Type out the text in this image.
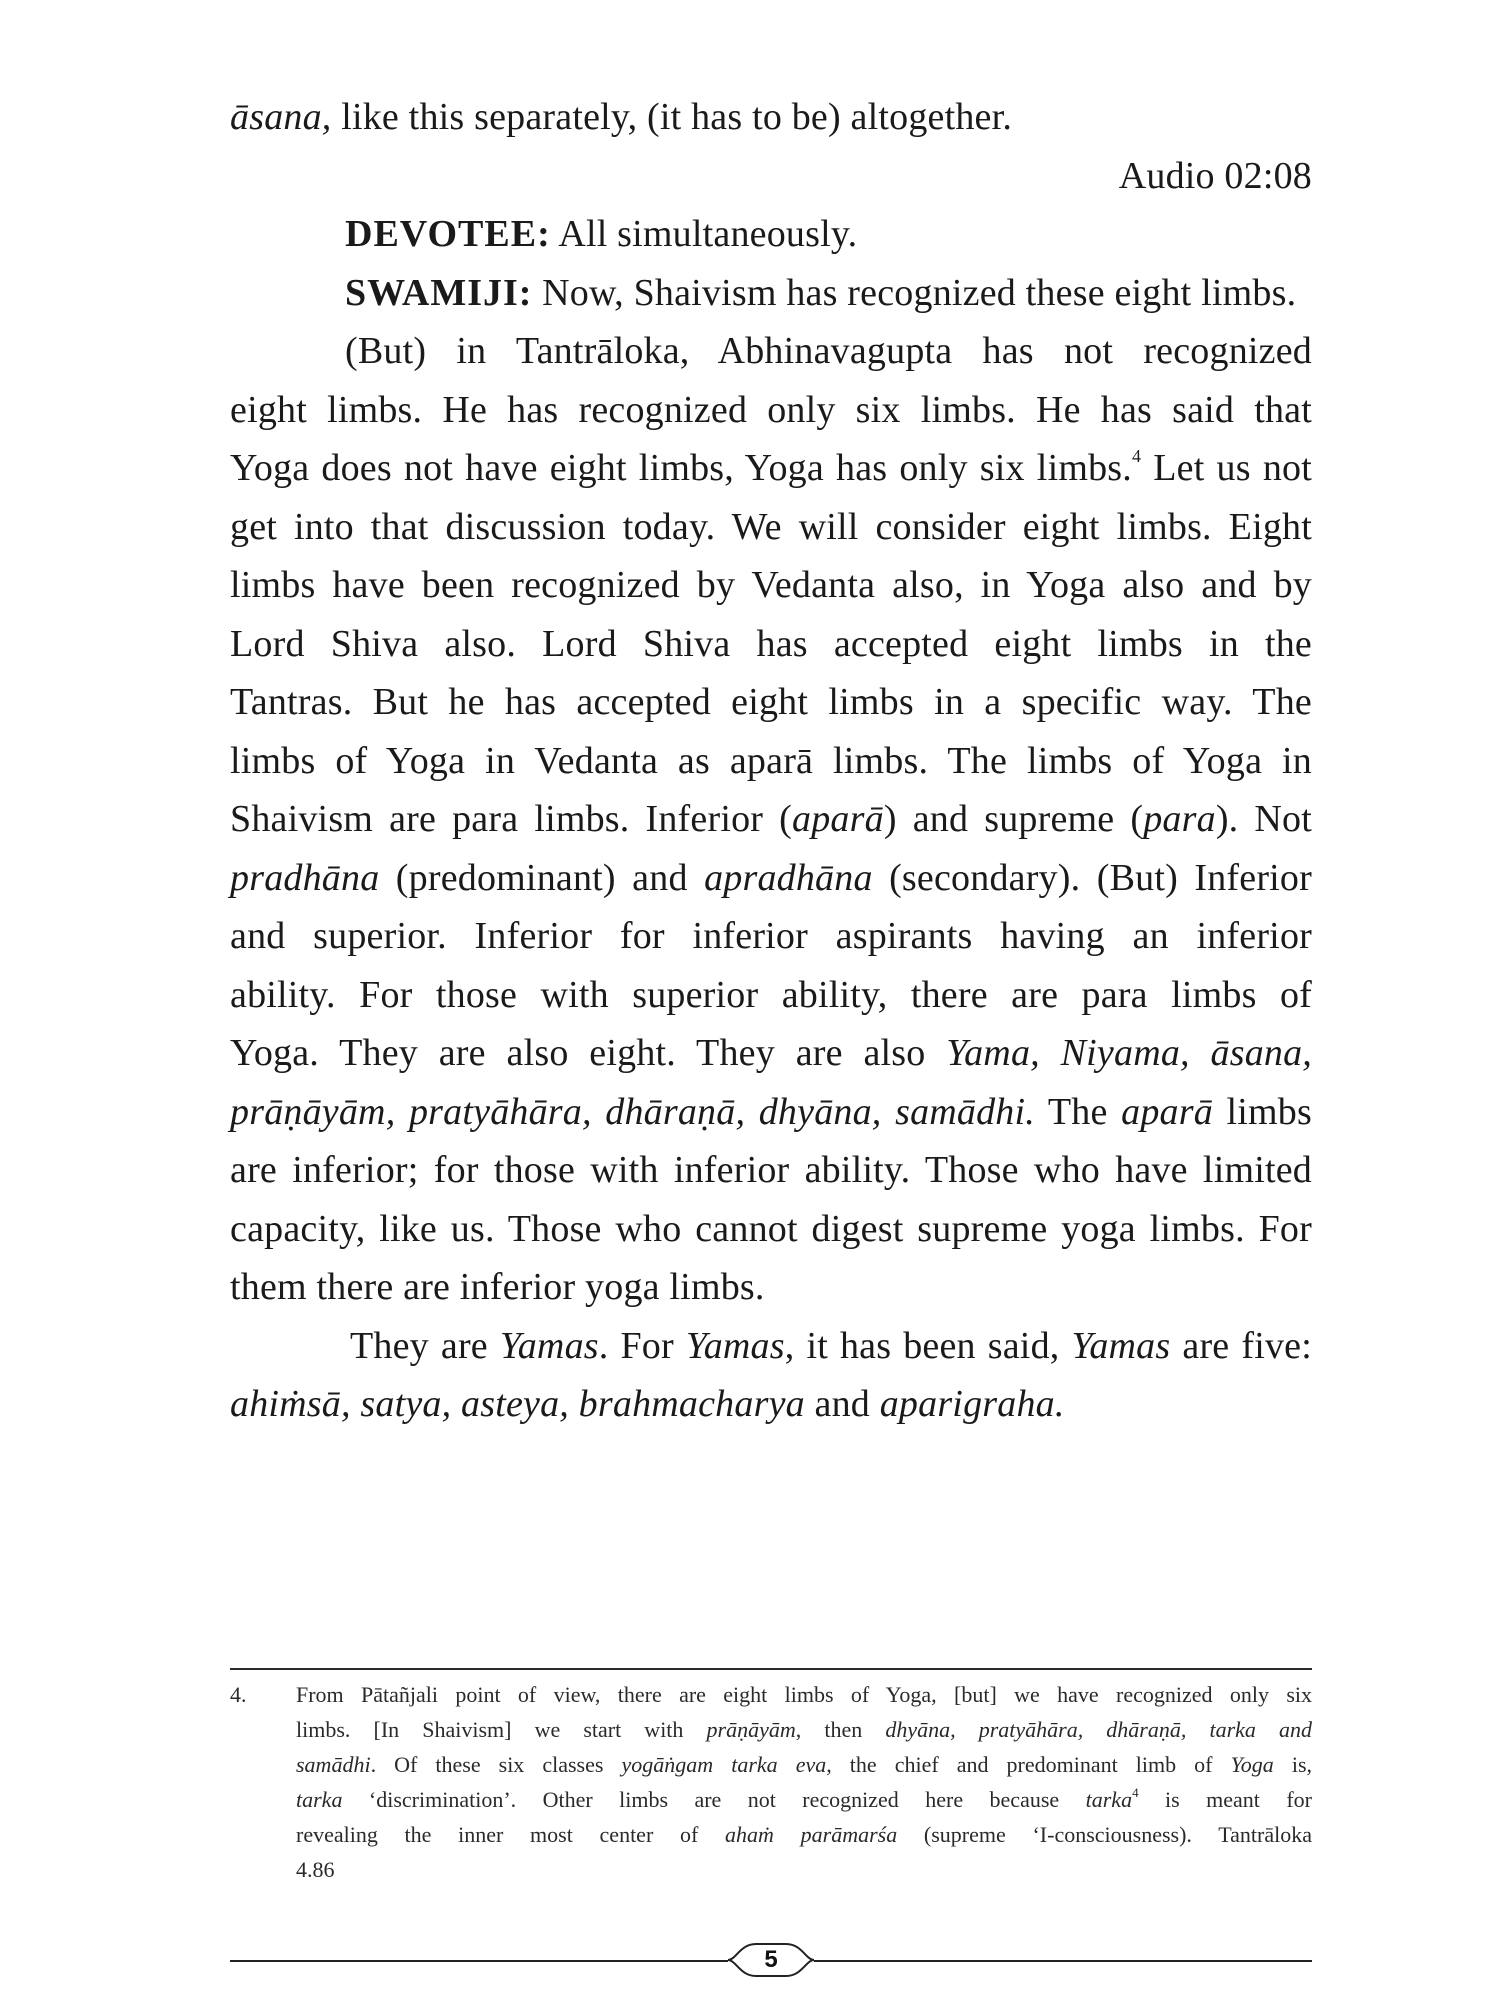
āsana, like this separately, (it has to be) altogether.
Audio 02:08
DEVOTEE: All simultaneously.
SWAMIJI: Now, Shaivism has recognized these eight limbs.
(But) in Tantrāloka, Abhinavagupta has not recognized
eight limbs. He has recognized only six limbs. He has said that
Yoga does not have eight limbs, Yoga has only six limbs.$^4$ Let us not
get into that discussion today. We will consider eight limbs. Eight
limbs have been recognized by Vedanta also, in Yoga also and by
Lord Shiva also. Lord Shiva has accepted eight limbs in the
Tantras. But he has accepted eight limbs in a specific way. The
limbs of Yoga in Vedanta as aparā limbs. The limbs of Yoga in
Shaivism are para limbs. Inferior (aparā) and supreme (para). Not
pradhāna (predominant) and apradhāna (secondary). (But) Inferior
and superior. Inferior for inferior aspirants having an inferior
ability. For those with superior ability, there are para limbs of
Yoga. They are also eight. They are also Yama, Niyama, āsana,
prāṇāyām, pratyāhāra, dhāraṇā, dhyāna, samādhi. The aparā limbs
are inferior; for those with inferior ability. Those who have limited
capacity, like us. Those who cannot digest supreme yoga limbs. For
them there are inferior yoga limbs.
They are Yamas. For Yamas, it has been said, Yamas are five:
ahiṁsā, satya, asteya, brahmacharya and aparigraha.
4. From Pātañjali point of view, there are eight limbs of Yoga, [but] we have recognized only six
limbs. [In Shaivism] we start with prāṇāyām, then dhyāna, pratyāhāra, dhāraṇā, tarka and
samādhi. Of these six classes yogāṅgam tarka eva, the chief and predominant limb of Yoga is,
tarka ‘discrimination’. Other limbs are not recognized here because tarka$^4$ is meant for
revealing the inner most center of ahaṁ parāmarśa (supreme ‘I-consciousness). Tantrāloka
4.86
5
